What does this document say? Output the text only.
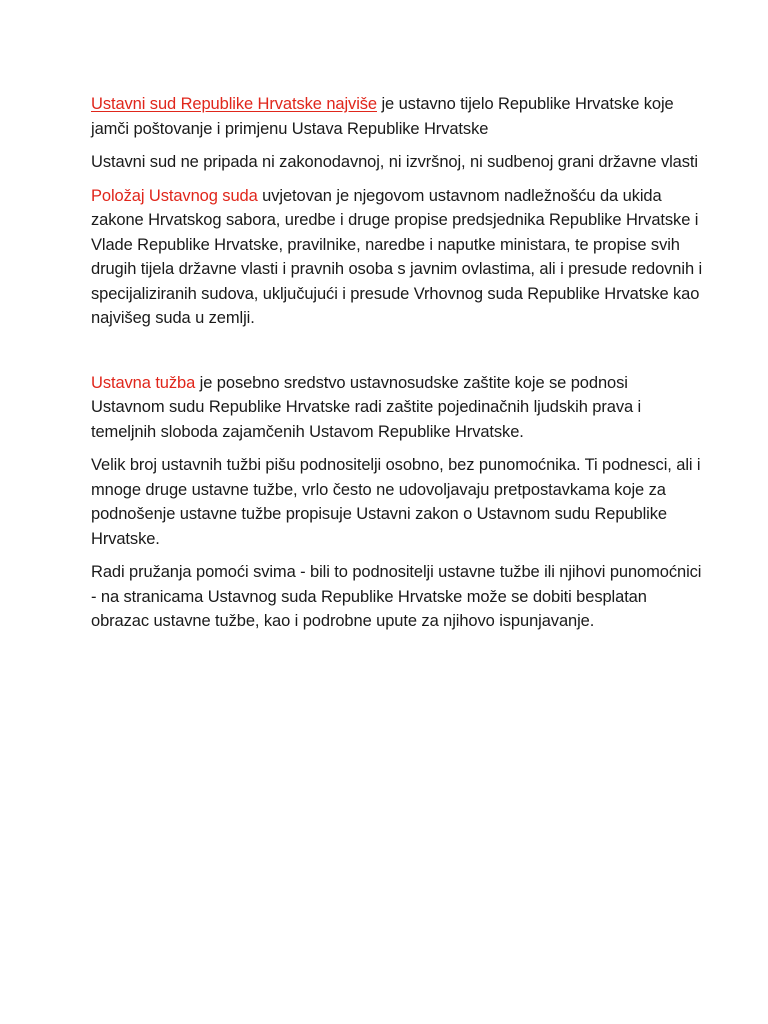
Ustavni sud Republike Hrvatske najviše je ustavno tijelo Republike Hrvatske koje jamči poštovanje i primjenu Ustava Republike Hrvatske

Ustavni sud ne pripada ni zakonodavnoj, ni izvršnoj, ni sudbenoj grani državne vlasti

Položaj Ustavnog suda uvjetovan je njegovom ustavnom nadležnošću da ukida zakone Hrvatskog sabora, uredbe i druge propise predsjednika Republike Hrvatske i Vlade Republike Hrvatske, pravilnike, naredbe i naputke ministara, te propise svih drugih tijela državne vlasti i pravnih osoba s javnim ovlastima, ali i presude redovnih i specijaliziranih sudova, uključujući i presude Vrhovnog suda Republike Hrvatske kao najvišeg suda u zemlji.

Ustavna tužba je posebno sredstvo ustavnosudske zaštite koje se podnosi Ustavnom sudu Republike Hrvatske radi zaštite pojedinačnih ljudskih prava i temeljnih sloboda zajamčenih Ustavom Republike Hrvatske.

Velik broj ustavnih tužbi pišu podnositelji osobno, bez punomoćnika. Ti podnesci, ali i mnoge druge ustavne tužbe, vrlo često ne udovoljavaju pretpostavkama koje za podnošenje ustavne tužbe propisuje Ustavni zakon o Ustavnom sudu Republike Hrvatske.

Radi pružanja pomoći svima - bili to podnositelji ustavne tužbe ili njihovi punomoćnici - na stranicama Ustavnog suda Republike Hrvatske može se dobiti besplatan obrazac ustavne tužbe, kao i podrobne upute za njihovo ispunjavanje.
